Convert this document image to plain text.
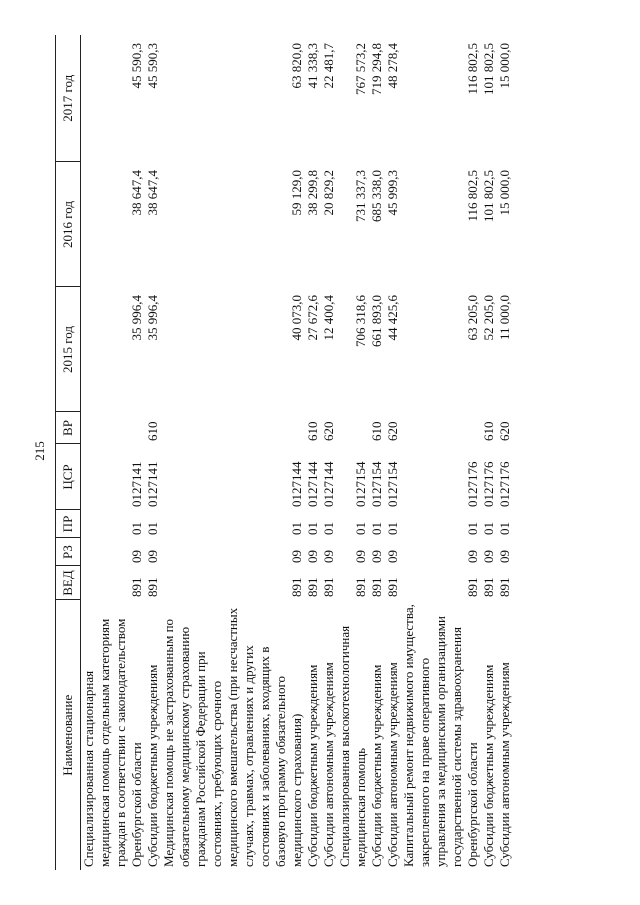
215
Наименование	ВЕД	РЗ	ПР	ЦСР	ВР	2015 год	2016 год	2017 год
Специализированная стационарная медицинская помощь отдельным категориям граждан в соответствии с законодательством Оренбургской области	891	09	01	0127141		35 996,4	38 647,4	45 590,3
Субсидии бюджетным учреждениям	891	09	01	0127141	610	35 996,4	38 647,4	45 590,3
Медицинская помощь не застрахованным по обязательному медицинскому страхованию гражданам Российской Федерации при состояниях, требующих срочного медицинского вмешательства (при несчастных случаях, травмах, отравлениях и других состояниях и заболеваниях, входящих в базовую программу обязательного медицинского страхования)	891	09	01	0127144		40 073,0	59 129,0	63 820,0
Субсидии бюджетным учреждениям	891	09	01	0127144	610	27 672,6	38 299,8	41 338,3
Субсидии автономным учреждениям	891	09	01	0127144	620	12 400,4	20 829,2	22 481,7
Специализированная высокотехнологичная медицинская помощь	891	09	01	0127154		706 318,6	731 337,3	767 573,2
Субсидии бюджетным учреждениям	891	09	01	0127154	610	661 893,0	685 338,0	719 294,8
Субсидии автономным учреждениям	891	09	01	0127154	620	44 425,6	45 999,3	48 278,4
Капитальный ремонт недвижимого имущества, закрепленного на праве оперативного управления за медицинскими организациями государственной системы здравоохранения Оренбургской области	891	09	01	0127176		63 205,0	116 802,5	116 802,5
Субсидии бюджетным учреждениям	891	09	01	0127176	610	52 205,0	101 802,5	101 802,5
Субсидии автономным учреждениям	891	09	01	0127176	620	11 000,0	15 000,0	15 000,0
